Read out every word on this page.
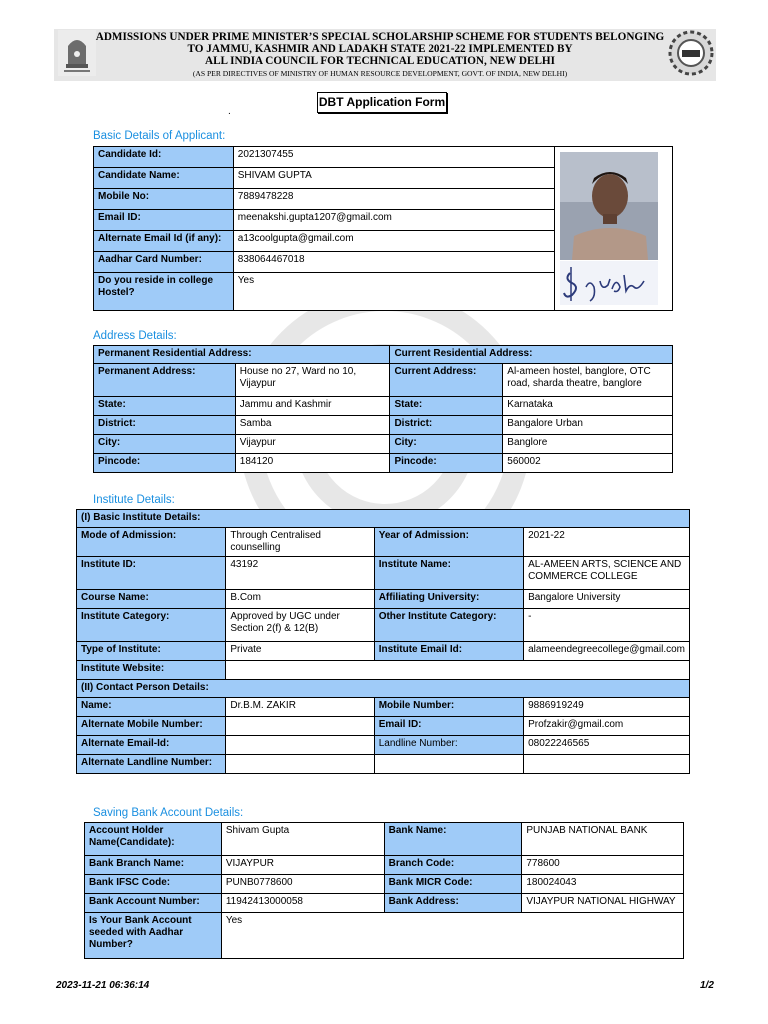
ADMISSIONS UNDER PRIME MINISTER’S SPECIAL SCHOLARSHIP SCHEME FOR STUDENTS BELONGING
TO JAMMU, KASHMIR AND LADAKH STATE 2021-22 IMPLEMENTED BY
ALL INDIA COUNCIL FOR TECHNICAL EDUCATION, NEW DELHI
(AS PER DIRECTIVES OF MINISTRY OF HUMAN RESOURCE DEVELOPMENT, GOVT. OF INDIA, NEW DELHI)
DBT Application Form
.
Basic Details of Applicant:
Candidate Id:	2021307455	

Candidate Name:	SHIVAM GUPTA	
Mobile No:	7889478228	
Email ID:	meenakshi.gupta1207@gmail.com	
Alternate Email Id (if any):	a13coolgupta@gmail.com	
Aadhar Card Number:	838064467018	
Do you reside in college Hostel?	Yes	
Address Details:
Permanent Residential Address:		Current Residential Address:	
Permanent Address:	House no 27, Ward no 10, Vijaypur	Current Address:	Al-ameen hostel, banglore, OTC road, sharda theatre, banglore
State:	Jammu and Kashmir	State:	Karnataka
District:	Samba	District:	Bangalore Urban
City:	Vijaypur	City:	Banglore
Pincode:	184120	Pincode:	560002
Institute Details:
(I) Basic Institute Details:			
Mode of Admission:	Through Centralised counselling	Year of Admission:	2021-22
Institute ID:	43192	Institute Name:	AL-AMEEN ARTS, SCIENCE AND COMMERCE COLLEGE
Course Name:	B.Com	Affiliating University:	Bangalore University
Institute Category:	Approved by UGC under Section 2(f) & 12(B)	Other Institute Category:	-
Type of Institute:	Private	Institute Email Id:	alameendegreecollege@gmail.com
Institute Website:			
(II) Contact Person Details:			
Name:	Dr.B.M. ZAKIR	Mobile Number:	9886919249
Alternate Mobile Number:		Email ID:	Profzakir@gmail.com
Alternate Email-Id:		Landline Number:	08022246565
Alternate Landline Number:			
Saving Bank Account Details:
Account Holder Name(Candidate):	Shivam Gupta	Bank Name:	PUNJAB NATIONAL BANK
Bank Branch Name:	VIJAYPUR	Branch Code:	778600
Bank IFSC Code:	PUNB0778600	Bank MICR Code:	180024043
Bank Account Number:	11942413000058	Bank Address:	VIJAYPUR NATIONAL HIGHWAY
Is Your Bank Account seeded with Aadhar Number?	Yes		
2023-11-21 06:36:14	1/2
